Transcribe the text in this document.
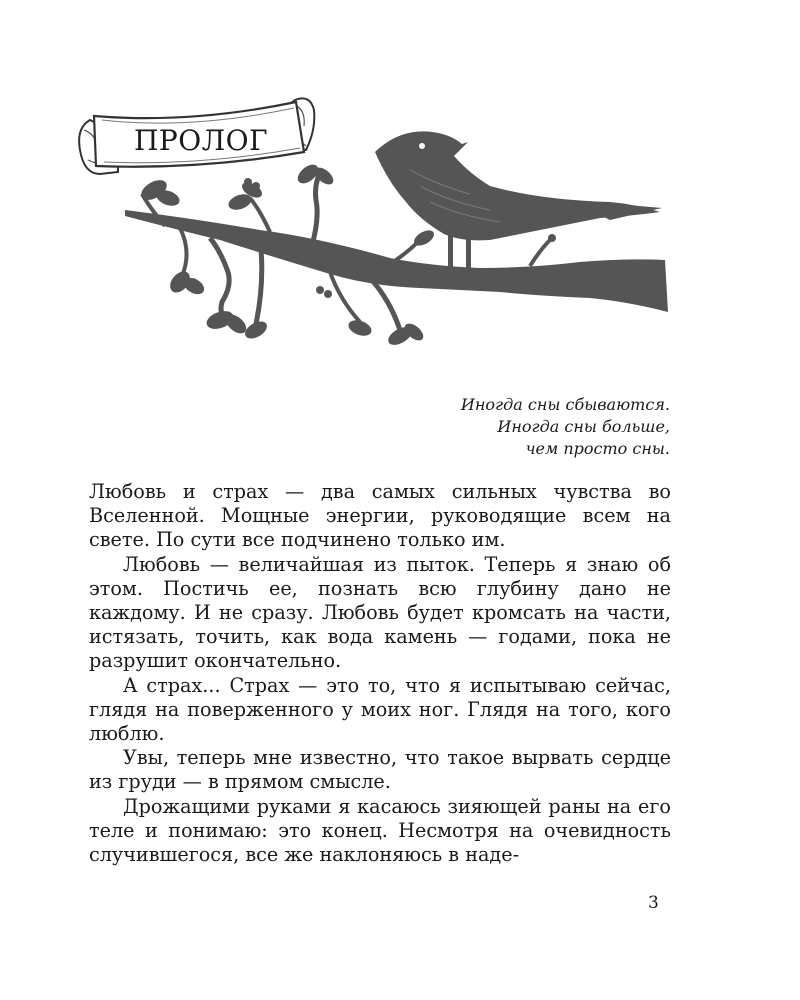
ПРОЛОГ
Иногда сны сбываются.
Иногда сны больше,
чем просто сны.

Любовь и страх — два самых сильных чувства во Вселенной. Мощные энергии, руководящие всем на свете. По сути все подчинено только им.

Любовь — величайшая из пыток. Теперь я знаю об этом. Постичь ее, познать всю глубину дано не каждому. И не сразу. Любовь будет кромсать на части, истязать, точить, как вода камень — годами, пока не разрушит окончательно.

А страх... Страх — это то, что я испытываю сейчас, глядя на поверженного у моих ног. Глядя на того, кого люблю.

Увы, теперь мне известно, что такое вырвать сердце из груди — в прямом смысле.

Дрожащими руками я касаюсь зияющей раны на его теле и понимаю: это конец. Несмотря на очевидность случившегося, все же наклоняюсь в наде-

3
